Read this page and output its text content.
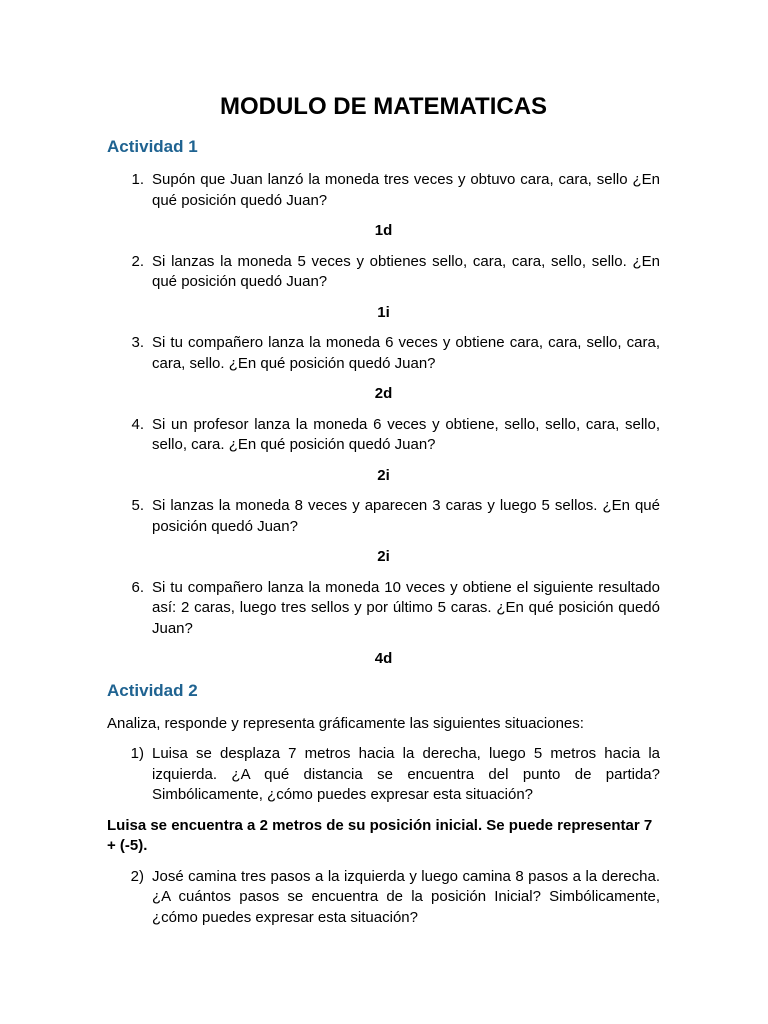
MODULO DE MATEMATICAS
Actividad 1
1. Supón que Juan lanzó la moneda tres veces y obtuvo cara, cara, sello ¿En qué posición quedó Juan?
1d
2. Si lanzas la moneda 5 veces y obtienes sello, cara, cara, sello, sello. ¿En qué posición quedó Juan?
1i
3. Si tu compañero lanza la moneda 6 veces y obtiene cara, cara, sello, cara, cara, sello. ¿En qué posición quedó Juan?
2d
4. Si un profesor lanza la moneda 6 veces y obtiene, sello, sello, cara, sello, sello, cara. ¿En qué posición quedó Juan?
2i
5. Si lanzas la moneda 8 veces y aparecen 3 caras y luego 5 sellos. ¿En qué posición quedó Juan?
2i
6. Si tu compañero lanza la moneda 10 veces y obtiene el siguiente resultado así: 2 caras, luego tres sellos y por último 5 caras. ¿En qué posición quedó Juan?
4d
Actividad 2

Analiza, responde y representa gráficamente las siguientes situaciones:

1) Luisa se desplaza 7 metros hacia la derecha, luego 5 metros hacia la izquierda. ¿A qué distancia se encuentra del punto de partida? Simbólicamente, ¿cómo puedes expresar esta situación?

Luisa se encuentra a 2 metros de su posición inicial. Se puede representar 7 + (-5).

2) José camina tres pasos a la izquierda y luego camina 8 pasos a la derecha. ¿A cuántos pasos se encuentra de la posición Inicial? Simbólicamente, ¿cómo puedes expresar esta situación?
